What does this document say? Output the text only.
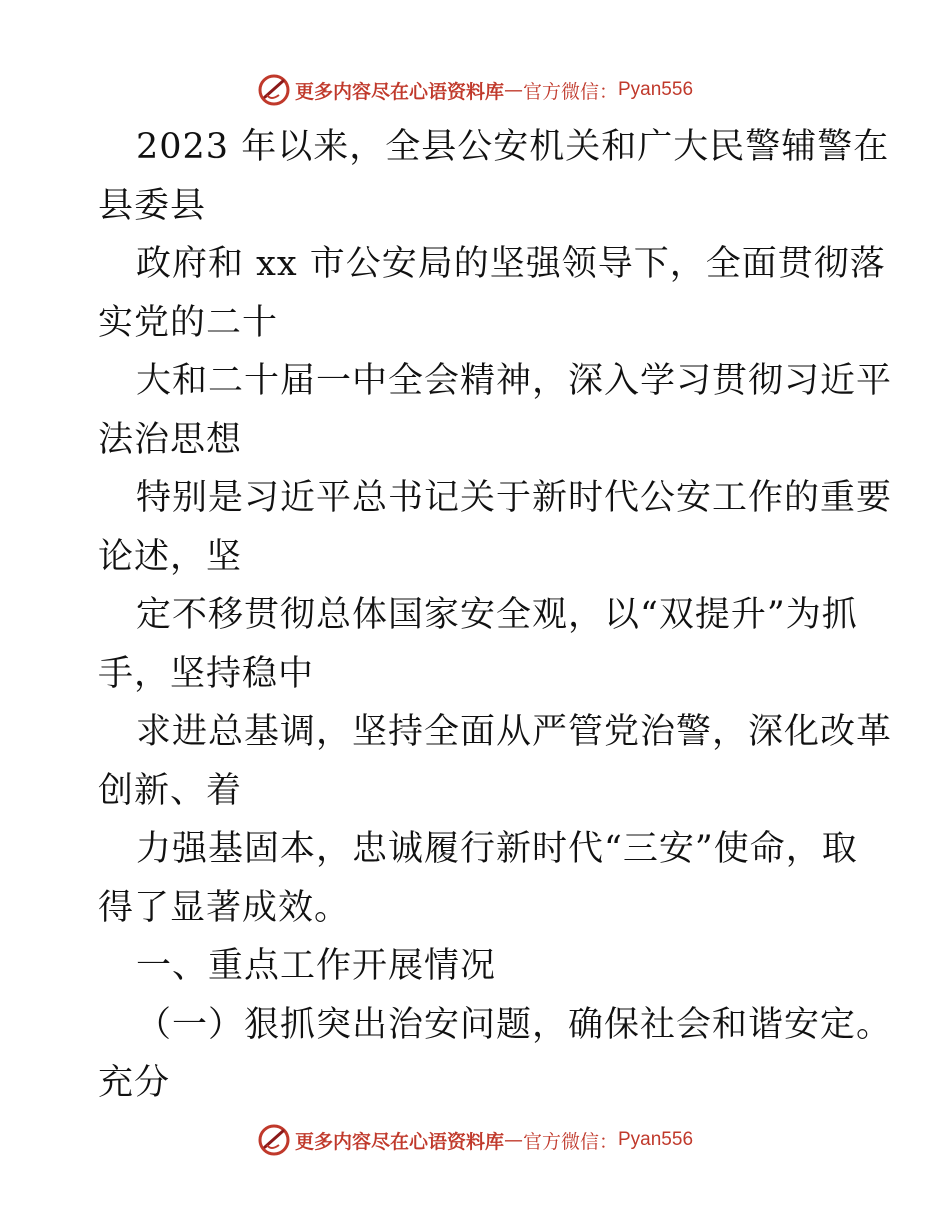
更多内容尽在心语资料库 — 官方微信： Pyan556
2023 年以来，全县公安机关和广大民警辅警在
县委县
政府和 xx 市公安局的坚强领导下，全面贯彻落
实党的二十
大和二十届一中全会精神，深入学习贯彻习近平
法治思想
特别是习近平总书记关于新时代公安工作的重要
论述，坚
定不移贯彻总体国家安全观，以“双提升”为抓
手，坚持稳中
求进总基调，坚持全面从严管党治警，深化改革
创新、着
力强基固本，忠诚履行新时代“三安”使命，取
得了显著成效。
一、重点工作开展情况
（一）狠抓突出治安问题，确保社会和谐安定。
充分
更多内容尽在心语资料库 — 官方微信： Pyan556
